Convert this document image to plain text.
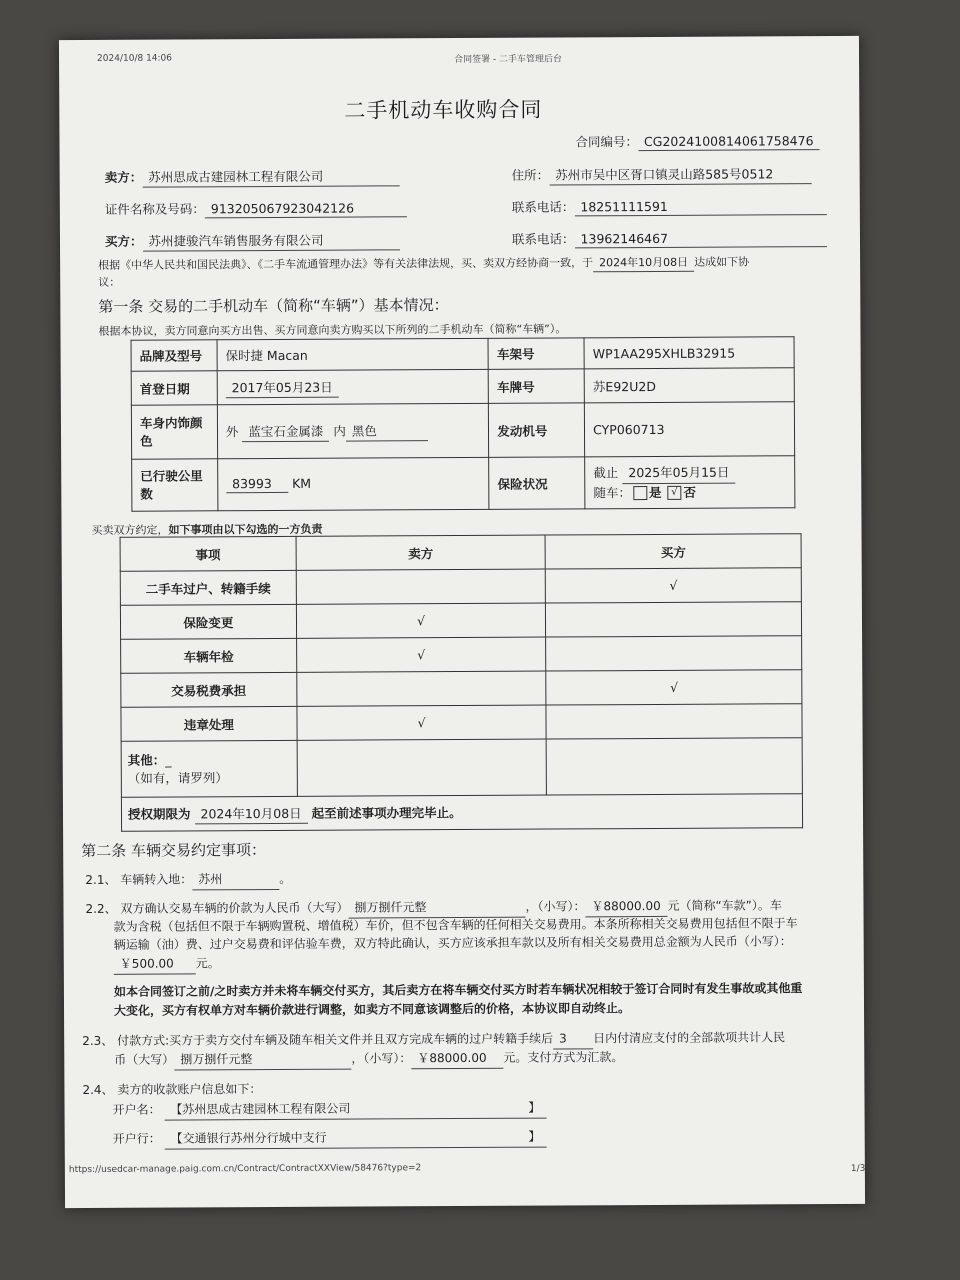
2024/10/8 14:06	合同签署 - 二手车管理后台
二手机动车收购合同
合同编号： CG2024100814061758476
卖方： 苏州思成古建园林工程有限公司	住所： 苏州市吴中区胥口镇灵山路585号0512
证件名称及号码： 913205067923042126	联系电话： 18251111591
买方： 苏州捷骏汽车销售服务有限公司	联系电话： 13962146467
根据《中华人民共和国民法典》、《二手车流通管理办法》等有关法律法规，买、卖双方经协商一致，于 2024年10月08日 达成如下协
议：
第一条 交易的二手机动车（简称“车辆”）基本情况：
根据本协议，卖方同意向买方出售、买方同意向卖方购买以下所列的二手机动车（简称“车辆”）。
品牌及型号	保时捷 Macan	车架号	WP1AA295XHLB32915
首登日期	2017年05月23日	车牌号	苏E92U2D
车身内饰颜色	外 蓝宝石金属漆 内 黑色	发动机号	CYP060713
已行驶公里数	83993 KM	保险状况	截止 2025年05月15日
随车： 是 √ 否
买卖双方约定，如下事项由以下勾选的一方负责
事项	卖方	买方
二手车过户、转籍手续		√
保险变更	√	
车辆年检	√	
交易税费承担		√
违章处理	√	

其他：_
（如有，请罗列）		

授权期限为 2024年10月08日 起至前述事项办理完毕止。		
第二条 车辆交易约定事项：
2.1、 车辆转入地： 苏州	。
2.2、 双方确认交易车辆的价款为人民币（大写） 捌万捌仟元整	，（小写）： ￥88000.00 元（简称“车款”）。车
款为含税（包括但不限于车辆购置税、增值税）车价，但不包含车辆的任何相关交易费用。本条所称相关交易费用包括但不限于车
辆运输（油）费、过户交易费和评估验车费，双方特此确认，买方应该承担车款以及所有相关交易费用总金额为人民币（小写）：
￥500.00 元。
如本合同签订之前/之时卖方并未将车辆交付买方，其后卖方在将车辆交付买方时若车辆状况相较于签订合同时有发生事故或其他重
大变化，买方有权单方对车辆价款进行调整，如卖方不同意该调整后的价格，本协议即自动终止。
2.3、 付款方式:买方于卖方交付车辆及随车相关文件并且双方完成车辆的过户转籍手续后 3 日内付清应支付的全部款项共计人民
币（大写） 捌万捌仟元整	，（小写）： ￥88000.00 元。支付方式为汇款。
2.4、 卖方的收款账户信息如下：
开户名： 【苏州思成古建园林工程有限公司	】
开户行： 【交通银行苏州分行城中支行	】
https://usedcar-manage.paig.com.cn/Contract/ContractXXView/58476?type=2	1/3
